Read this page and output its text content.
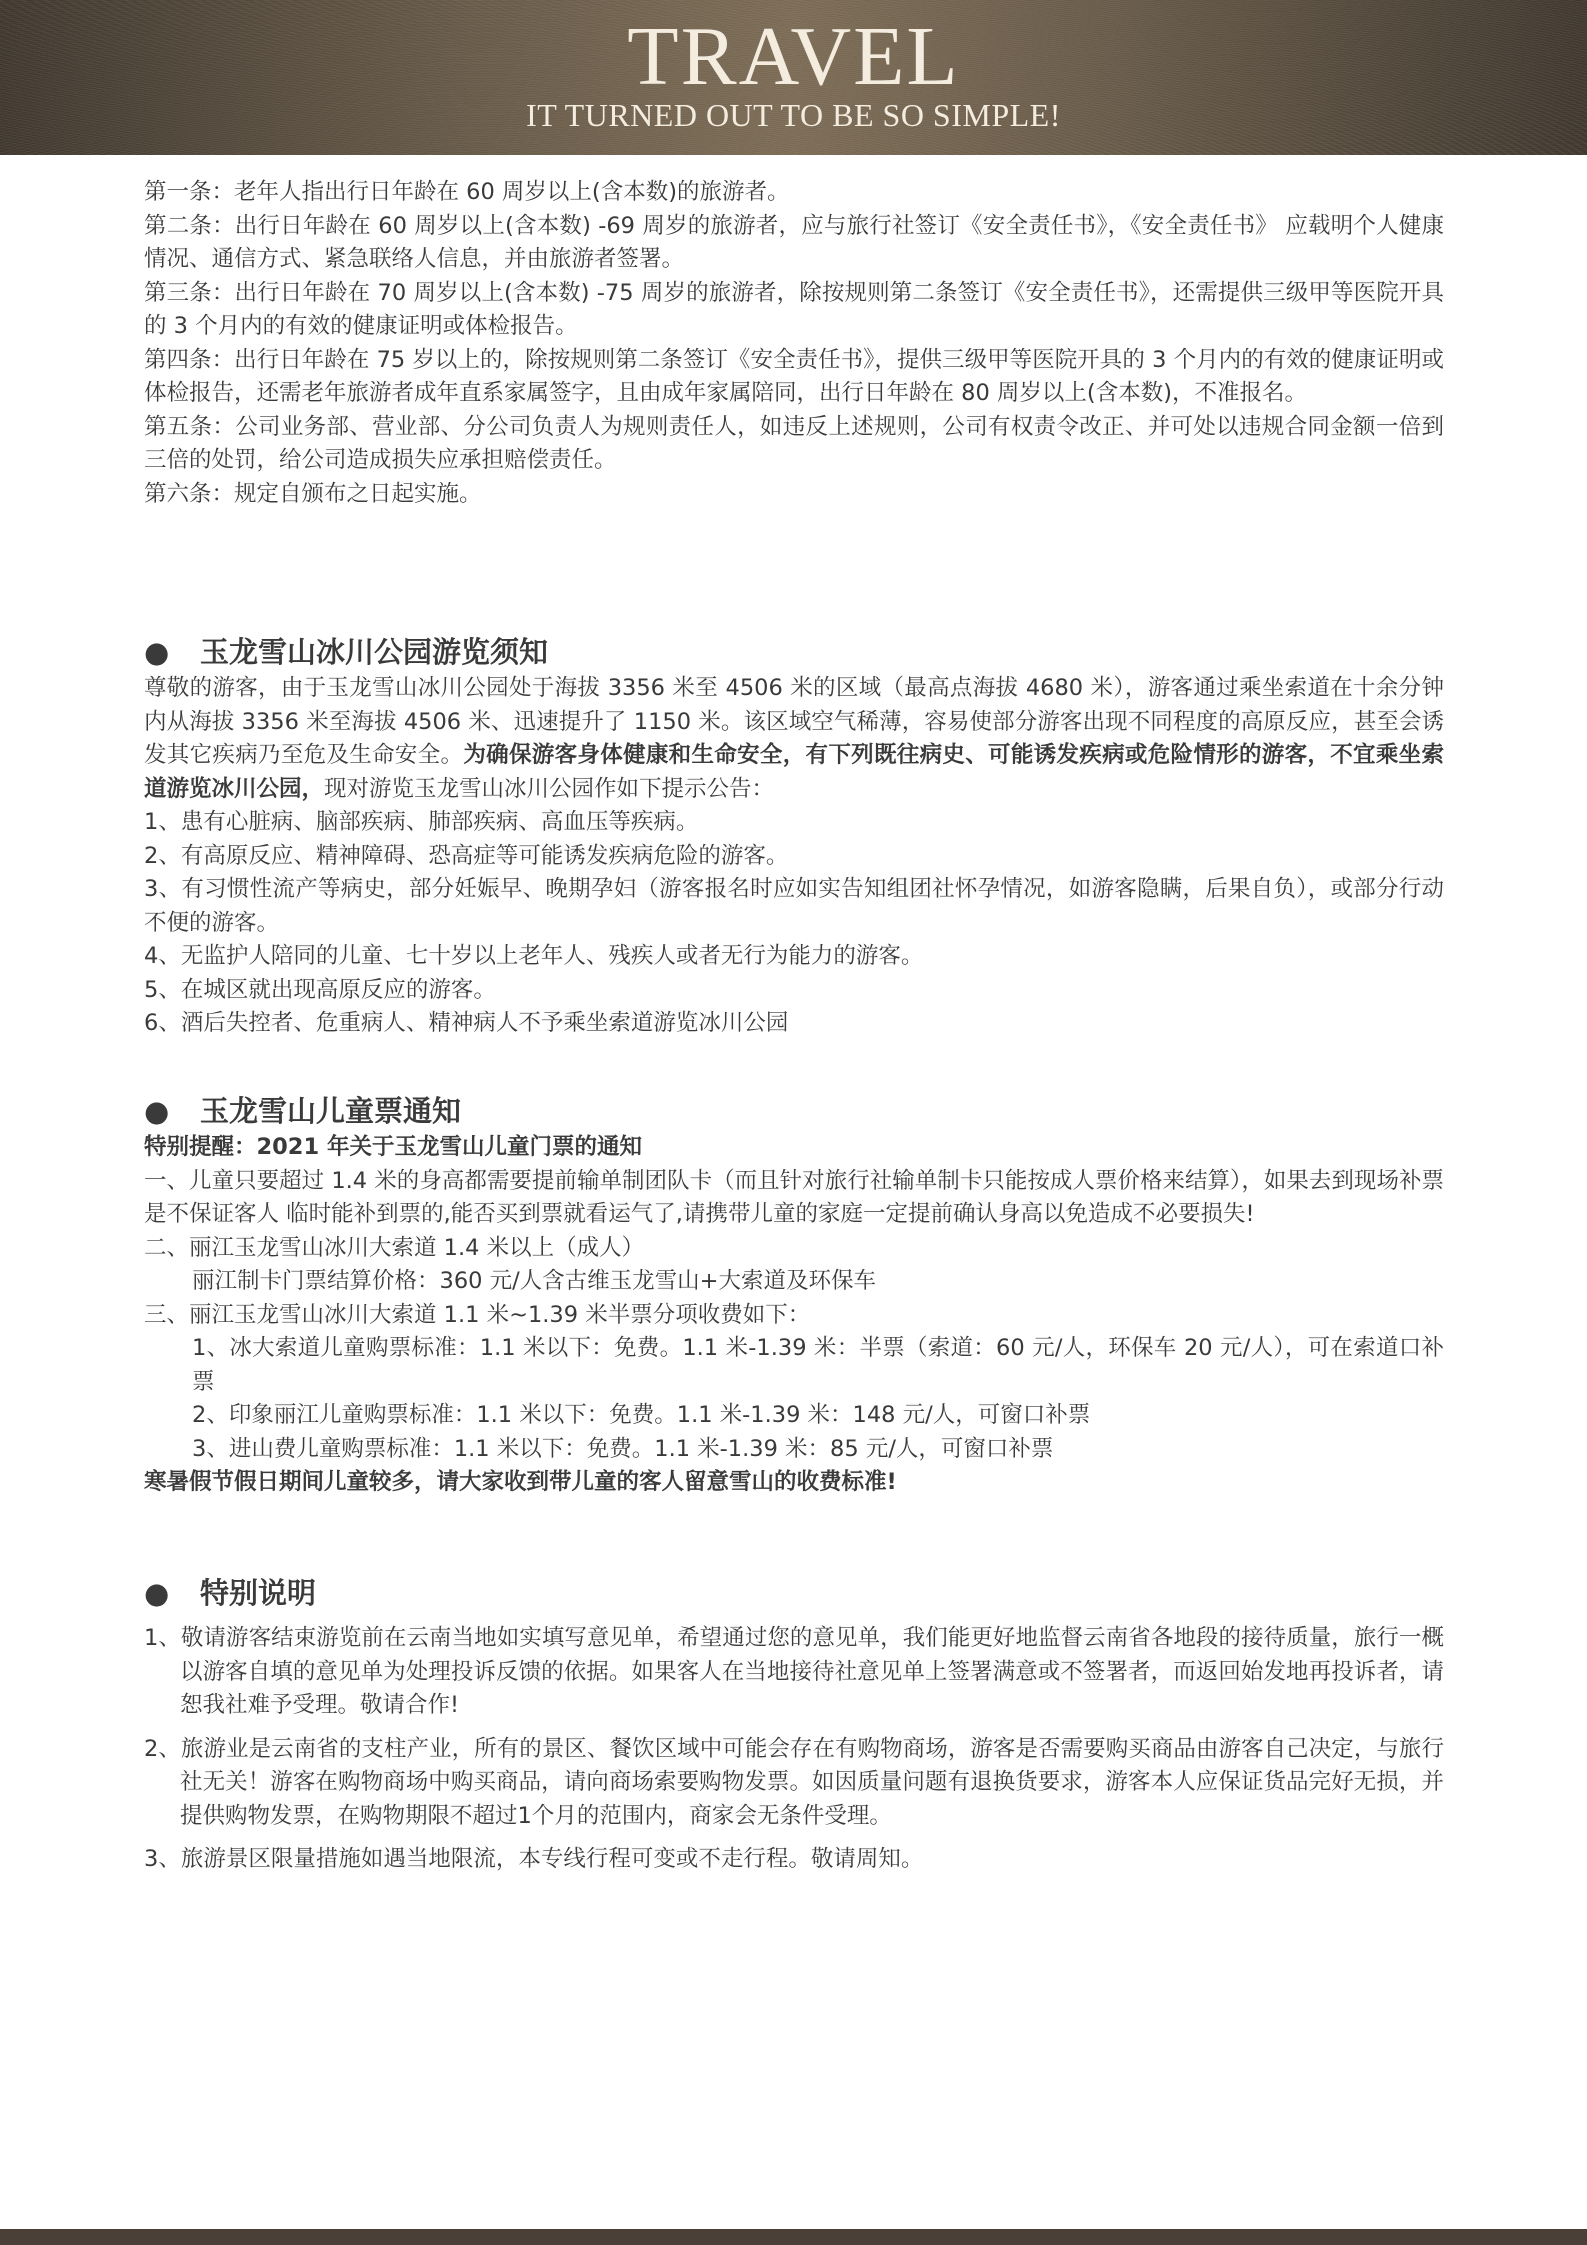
TRAVEL
IT TURNED OUT TO BE SO SIMPLE!

第一条：老年人指出行日年龄在 60 周岁以上(含本数)的旅游者。

第二条：出行日年龄在 60 周岁以上(含本数) -69 周岁的旅游者，应与旅行社签订《安全责任书》，《安全责任书》 应载明个人健康情况、通信方式、紧急联络人信息，并由旅游者签署。

第三条：出行日年龄在 70 周岁以上(含本数) -75 周岁的旅游者，除按规则第二条签订《安全责任书》，还需提供三级甲等医院开具的 3 个月内的有效的健康证明或体检报告。

第四条：出行日年龄在 75 岁以上的，除按规则第二条签订《安全责任书》，提供三级甲等医院开具的 3 个月内的有效的健康证明或体检报告，还需老年旅游者成年直系家属签字，且由成年家属陪同，出行日年龄在 80 周岁以上(含本数)，不准报名。

第五条：公司业务部、营业部、分公司负责人为规则责任人，如违反上述规则，公司有权责令改正、并可处以违规合同金额一倍到三倍的处罚，给公司造成损失应承担赔偿责任。

第六条：规定自颁布之日起实施。

● 玉龙雪山冰川公园游览须知

尊敬的游客，由于玉龙雪山冰川公园处于海拔 3356 米至 4506 米的区域（最高点海拔 4680 米），游客通过乘坐索道在十余分钟内从海拔 3356 米至海拔 4506 米、迅速提升了 1150 米。该区域空气稀薄，容易使部分游客出现不同程度的高原反应，甚至会诱发其它疾病乃至危及生命安全。为确保游客身体健康和生命安全，有下列既往病史、可能诱发疾病或危险情形的游客，不宜乘坐索道游览冰川公园，现对游览玉龙雪山冰川公园作如下提示公告：

1、患有心脏病、脑部疾病、肺部疾病、高血压等疾病。

2、有高原反应、精神障碍、恐高症等可能诱发疾病危险的游客。

3、有习惯性流产等病史，部分妊娠早、晚期孕妇（游客报名时应如实告知组团社怀孕情况，如游客隐瞒，后果自负），或部分行动不便的游客。

4、无监护人陪同的儿童、七十岁以上老年人、残疾人或者无行为能力的游客。

5、在城区就出现高原反应的游客。

6、酒后失控者、危重病人、精神病人不予乘坐索道游览冰川公园

● 玉龙雪山儿童票通知

特别提醒：2021 年关于玉龙雪山儿童门票的通知

一、儿童只要超过 1.4 米的身高都需要提前输单制团队卡（而且针对旅行社输单制卡只能按成人票价格来结算），如果去到现场补票是不保证客人 临时能补到票的,能否买到票就看运气了,请携带儿童的家庭一定提前确认身高以免造成不必要损失!

二、丽江玉龙雪山冰川大索道 1.4 米以上（成人）

丽江制卡门票结算价格：360 元/人含古维玉龙雪山+大索道及环保车

三、丽江玉龙雪山冰川大索道 1.1 米~1.39 米半票分项收费如下：

1、冰大索道儿童购票标准：1.1 米以下：免费。1.1 米-1.39 米：半票（索道：60 元/人，环保车 20 元/人），可在索道口补票

2、印象丽江儿童购票标准：1.1 米以下：免费。1.1 米-1.39 米：148 元/人，可窗口补票

3、进山费儿童购票标准：1.1 米以下：免费。1.1 米-1.39 米：85 元/人，可窗口补票

寒暑假节假日期间儿童较多，请大家收到带儿童的客人留意雪山的收费标准!

● 特别说明

1、敬请游客结束游览前在云南当地如实填写意见单，希望通过您的意见单，我们能更好地监督云南省各地段的接待质量，旅行一概以游客自填的意见单为处理投诉反馈的依据。如果客人在当地接待社意见单上签署满意或不签署者，而返回始发地再投诉者，请恕我社难予受理。敬请合作!

2、旅游业是云南省的支柱产业，所有的景区、餐饮区域中可能会存在有购物商场，游客是否需要购买商品由游客自己决定，与旅行社无关！游客在购物商场中购买商品，请向商场索要购物发票。如因质量问题有退换货要求，游客本人应保证货品完好无损，并提供购物发票，在购物期限不超过1个月的范围内，商家会无条件受理。

3、旅游景区限量措施如遇当地限流，本专线行程可变或不走行程。敬请周知。
